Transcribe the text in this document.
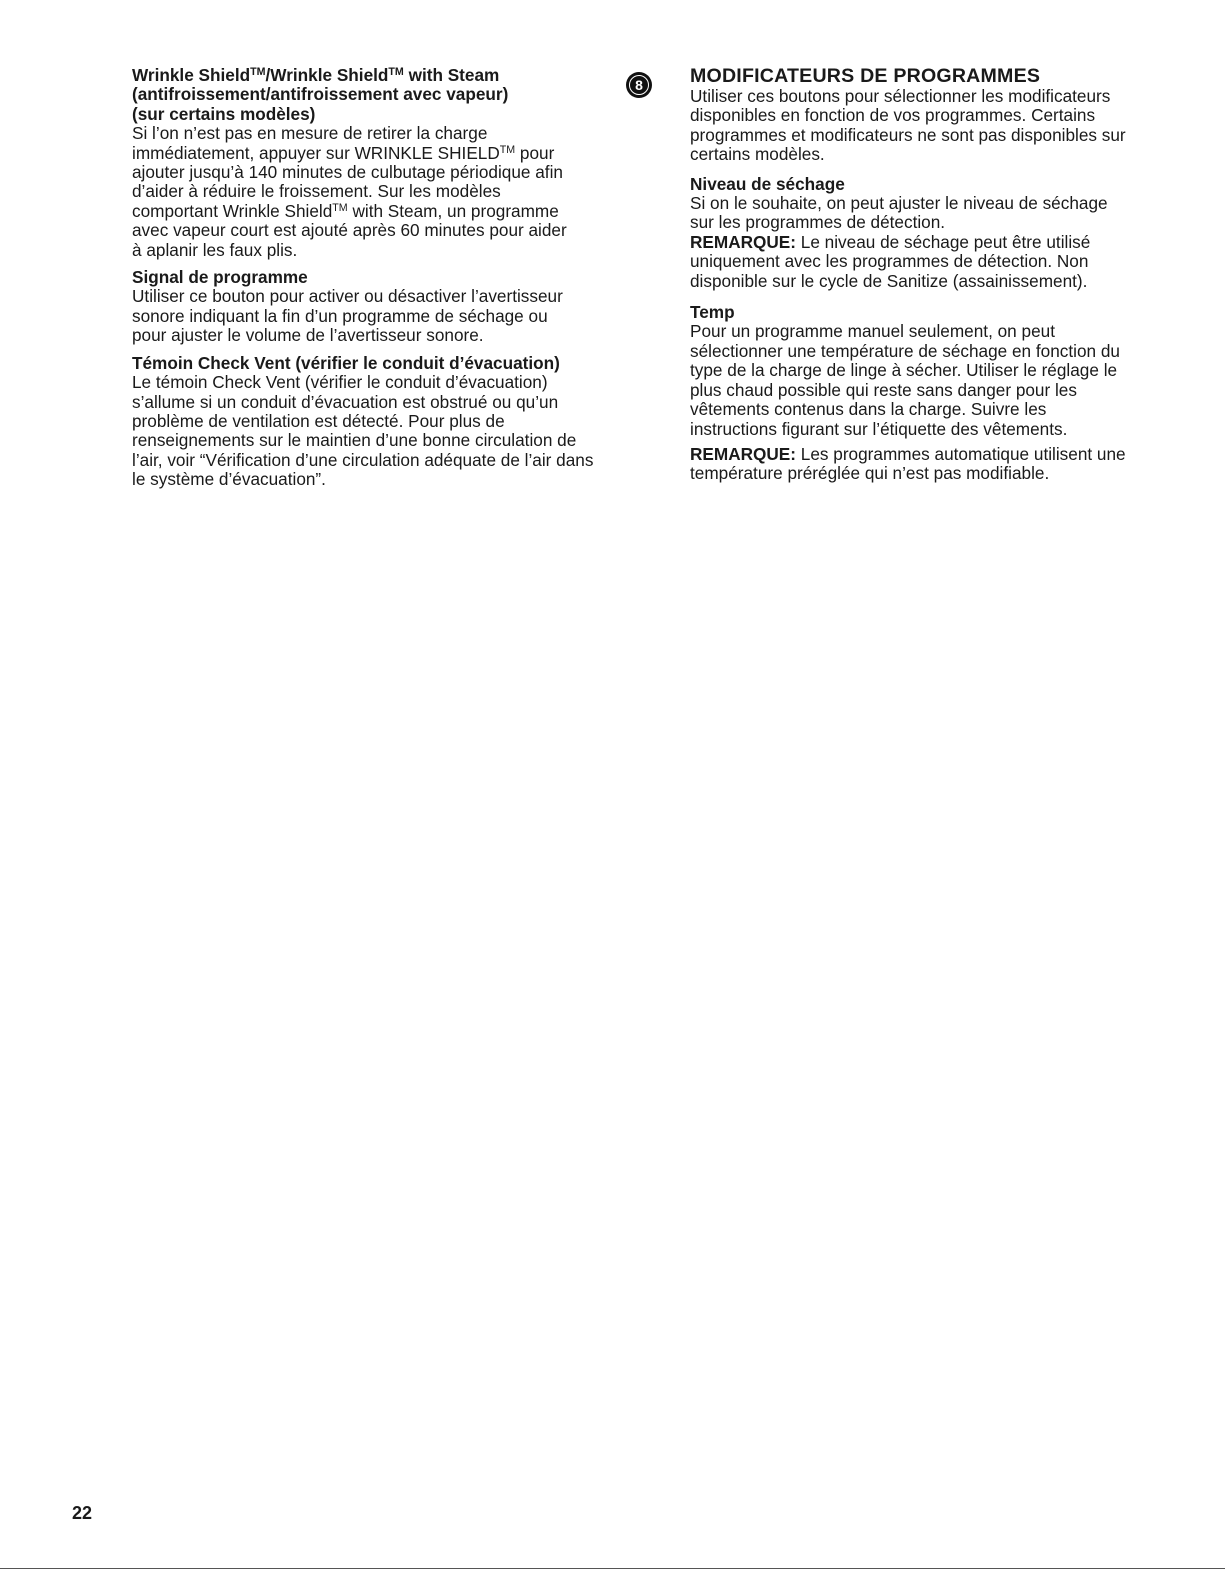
Wrinkle Shield™/Wrinkle Shield™ with Steam
(antifroissement/antifroissement avec vapeur)
(sur certains modèles)

Si l’on n’est pas en mesure de retirer la charge immédiatement, appuyer sur WRINKLE SHIELD™ pour ajouter jusqu’à 140 minutes de culbutage périodique afin d’aider à réduire le froissement. Sur les modèles comportant Wrinkle Shield™ with Steam, un programme avec vapeur court est ajouté après 60 minutes pour aider à aplanir les faux plis.

Signal de programme

Utiliser ce bouton pour activer ou désactiver l’avertisseur sonore indiquant la fin d’un programme de séchage ou pour ajuster le volume de l’avertisseur sonore.

Témoin Check Vent (vérifier le conduit d’évacuation)

Le témoin Check Vent (vérifier le conduit d’évacuation) s’allume si un conduit d’évacuation est obstrué ou qu’un problème de ventilation est détecté. Pour plus de renseignements sur le maintien d’une bonne circulation de l’air, voir “Vérification d’une circulation adéquate de l’air dans le système d’évacuation”.

8	MODIFICATEURS DE PROGRAMMES

Utiliser ces boutons pour sélectionner les modificateurs disponibles en fonction de vos programmes. Certains programmes et modificateurs ne sont pas disponibles sur certains modèles.

Niveau de séchage

Si on le souhaite, on peut ajuster le niveau de séchage sur les programmes de détection.

REMARQUE: Le niveau de séchage peut être utilisé uniquement avec les programmes de détection. Non disponible sur le cycle de Sanitize (assainissement).

Temp

Pour un programme manuel seulement, on peut sélectionner une température de séchage en fonction du type de la charge de linge à sécher. Utiliser le réglage le plus chaud possible qui reste sans danger pour les vêtements contenus dans la charge. Suivre les instructions figurant sur l’étiquette des vêtements.

REMARQUE: Les programmes automatique utilisent une température préréglée qui n’est pas modifiable.

22
